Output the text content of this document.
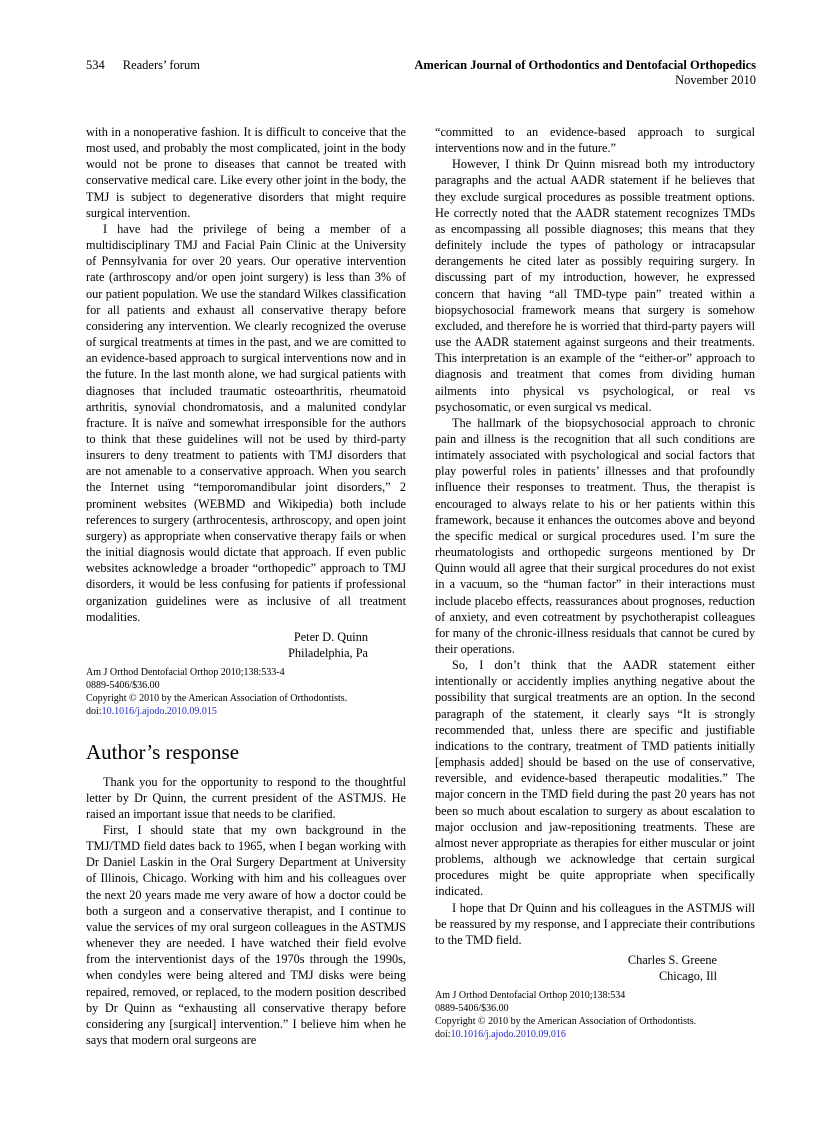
534 Readers’ forum	American Journal of Orthodontics and Dentofacial Orthopedics
November 2010

with in a nonoperative fashion. It is difficult to conceive that the most used, and probably the most complicated, joint in the body would not be prone to diseases that cannot be treated with conservative medical care. Like every other joint in the body, the TMJ is subject to degenerative disorders that might require surgical intervention.

I have had the privilege of being a member of a multidisciplinary TMJ and Facial Pain Clinic at the University of Pennsylvania for over 20 years. Our operative intervention rate (arthroscopy and/or open joint surgery) is less than 3% of our patient population. We use the standard Wilkes classification for all patients and exhaust all conservative therapy before considering any intervention. We clearly recognized the overuse of surgical treatments at times in the past, and we are comitted to an evidence-based approach to surgical interventions now and in the future. In the last month alone, we had surgical patients with diagnoses that included traumatic osteoarthritis, rheumatoid arthritis, synovial chondromatosis, and a malunited condylar fracture. It is naïve and somewhat irresponsible for the authors to think that these guidelines will not be used by third-party insurers to deny treatment to patients with TMJ disorders that are not amenable to a conservative approach. When you search the Internet using “temporomandibular joint disorders,” 2 prominent websites (WEBMD and Wikipedia) both include references to surgery (arthrocentesis, arthroscopy, and open joint surgery) as appropriate when conservative therapy fails or when the initial diagnosis would dictate that approach. If even public websites acknowledge a broader “orthopedic” approach to TMJ disorders, it would be less confusing for patients if professional organization guidelines were as inclusive of all treatment modalities.

Peter D. Quinn
Philadelphia, Pa
Am J Orthod Dentofacial Orthop 2010;138:533-4
0889-5406/$36.00
Copyright © 2010 by the American Association of Orthodontists.
doi:10.1016/j.ajodo.2010.09.015
Author’s response

Thank you for the opportunity to respond to the thoughtful letter by Dr Quinn, the current president of the ASTMJS. He raised an important issue that needs to be clarified.

First, I should state that my own background in the TMJ/TMD field dates back to 1965, when I began working with Dr Daniel Laskin in the Oral Surgery Department at University of Illinois, Chicago. Working with him and his colleagues over the next 20 years made me very aware of how a doctor could be both a surgeon and a conservative therapist, and I continue to value the services of my oral surgeon colleagues in the ASTMJS whenever they are needed. I have watched their field evolve from the interventionist days of the 1970s through the 1990s, when condyles were being altered and TMJ disks were being repaired, removed, or replaced, to the modern position described by Dr Quinn as “exhausting all conservative therapy before considering any [surgical] intervention.” I believe him when he says that modern oral surgeons are

“committed to an evidence-based approach to surgical interventions now and in the future.”

However, I think Dr Quinn misread both my introductory paragraphs and the actual AADR statement if he believes that they exclude surgical procedures as possible treatment options. He correctly noted that the AADR statement recognizes TMDs as encompassing all possible diagnoses; this means that they definitely include the types of pathology or intracapsular derangements he cited later as possibly requiring surgery. In discussing part of my introduction, however, he expressed concern that having “all TMD-type pain” treated within a biopsychosocial framework means that surgery is somehow excluded, and therefore he is worried that third-party payers will use the AADR statement against surgeons and their treatments. This interpretation is an example of the “either-or” approach to diagnosis and treatment that comes from dividing human ailments into physical vs psychological, or real vs psychosomatic, or even surgical vs medical.

The hallmark of the biopsychosocial approach to chronic pain and illness is the recognition that all such conditions are intimately associated with psychological and social factors that play powerful roles in patients’ illnesses and that profoundly influence their responses to treatment. Thus, the therapist is encouraged to always relate to his or her patients within this framework, because it enhances the outcomes above and beyond the specific medical or surgical procedures used. I’m sure the rheumatologists and orthopedic surgeons mentioned by Dr Quinn would all agree that their surgical procedures do not exist in a vacuum, so the “human factor” in their interactions must include placebo effects, reassurances about prognoses, reduction of anxiety, and even cotreatment by psychotherapist colleagues for many of the chronic-illness residuals that cannot be cured by their operations.

So, I don’t think that the AADR statement either intentionally or accidently implies anything negative about the possibility that surgical treatments are an option. In the second paragraph of the statement, it clearly says “It is strongly recommended that, unless there are specific and justifiable indications to the contrary, treatment of TMD patients initially [emphasis added] should be based on the use of conservative, reversible, and evidence-based therapeutic modalities.” The major concern in the TMD field during the past 20 years has not been so much about escalation to surgery as about escalation to major occlusion and jaw-repositioning treatments. These are almost never appropriate as therapies for either muscular or joint problems, although we acknowledge that certain surgical procedures might be quite appropriate when specifically indicated.

I hope that Dr Quinn and his colleagues in the ASTMJS will be reassured by my response, and I appreciate their contributions to the TMD field.

Charles S. Greene
Chicago, Ill
Am J Orthod Dentofacial Orthop 2010;138:534
0889-5406/$36.00
Copyright © 2010 by the American Association of Orthodontists.
doi:10.1016/j.ajodo.2010.09.016
